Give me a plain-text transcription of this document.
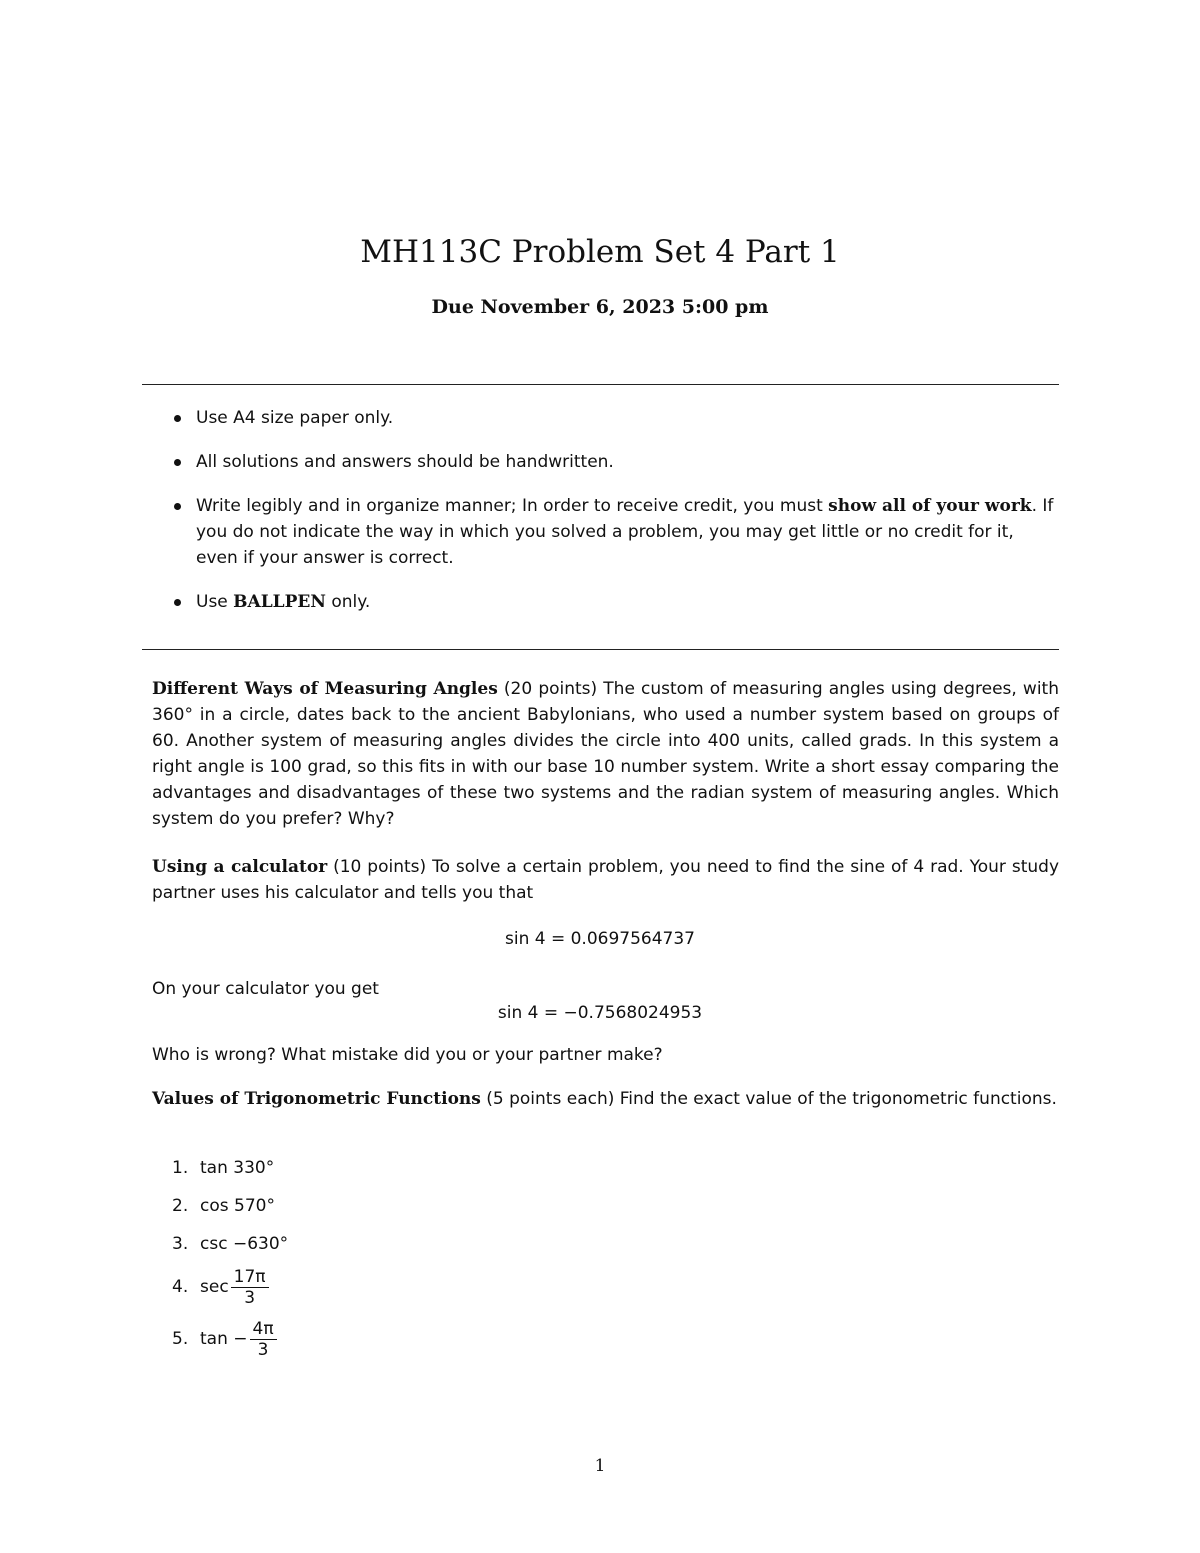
MH113C Problem Set 4 Part 1
Due November 6, 2023 5:00 pm
Use A4 size paper only.
All solutions and answers should be handwritten.
Write legibly and in organize manner; In order to receive credit, you must show all of your work. If you do not indicate the way in which you solved a problem, you may get little or no credit for it, even if your answer is correct.
Use BALLPEN only.
Different Ways of Measuring Angles (20 points) The custom of measuring angles using degrees, with 360° in a circle, dates back to the ancient Babylonians, who used a number system based on groups of 60. Another system of measuring angles divides the circle into 400 units, called grads. In this system a right angle is 100 grad, so this fits in with our base 10 number system. Write a short essay comparing the advantages and disadvantages of these two systems and the radian system of measuring angles. Which system do you prefer? Why?
Using a calculator (10 points) To solve a certain problem, you need to find the sine of 4 rad. Your study partner uses his calculator and tells you that
sin 4 = 0.0697564737
On your calculator you get
sin 4 = −0.7568024953
Who is wrong? What mistake did you or your partner make?
Values of Trigonometric Functions (5 points each) Find the exact value of the trigonometric functions.
1. tan 330°
2. cos 570°
3. csc −630°
4. $\sec \frac{17\pi}{3}$
5. $\tan - \frac{4\pi}{3}$
1
